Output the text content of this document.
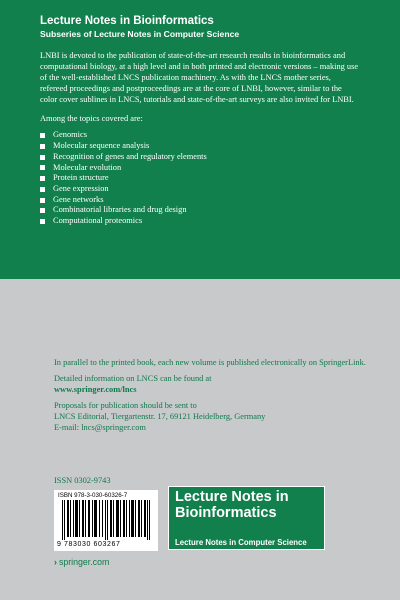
Lecture Notes in Bioinformatics
Subseries of Lecture Notes in Computer Science

LNBI is devoted to the publication of state-of-the-art research results in bioinformatics and computational biology, at a high level and in both printed and electronic versions – making use of the well-established LNCS publication machinery. As with the LNCS mother series, refereed proceedings and postproceedings are at the core of LNBI, however, similar to the color cover sublines in LNCS, tutorials and state-of-the-art surveys are also invited for LNBI.

Among the topics covered are:

Genomics
Molecular sequence analysis
Recognition of genes and regulatory elements
Molecular evolution
Protein structure
Gene expression
Gene networks
Combinatorial libraries and drug design
Computational proteomics

In parallel to the printed book, each new volume is published electronically on SpringerLink.

Detailed information on LNCS can be found at
www.springer.com/lncs

Proposals for publication should be sent to
LNCS Editorial, Tiergartenstr. 17, 69121 Heidelberg, Germany
E-mail: lncs@springer.com

ISSN 0302-9743
ISBN 978-3-030-60326-7
9 783030 603267
Lecture Notes in
Bioinformatics
Lecture Notes in Computer Science
› springer.com
